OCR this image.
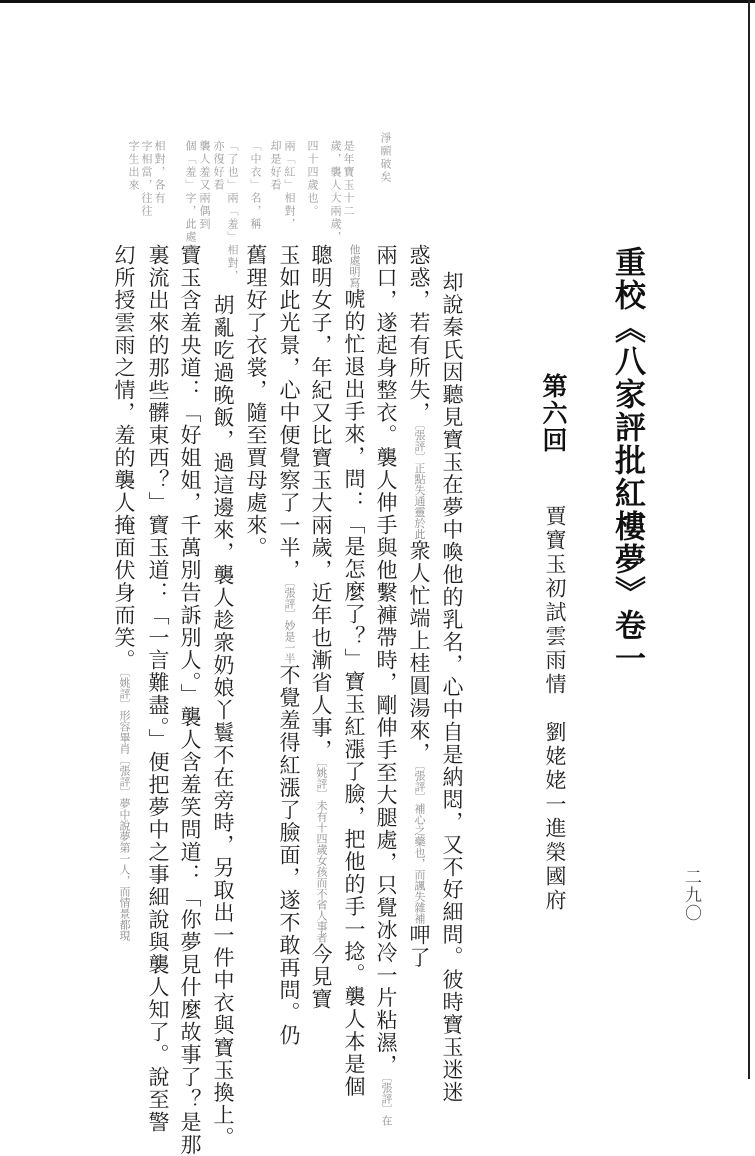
重校《八家評批紅樓夢》卷一
第六回
賈寶玉初試雲雨情　劉姥姥一進榮國府	二九〇
却說秦氏因聽見寶玉在夢中喚他的乳名，心中自是納悶，又不好細問。彼時寶玉迷迷
惑惑，若有所失，〔張評〕正點失通靈於此衆人忙端上桂圓湯來，〔張評〕補心之藥也，而諷失雜補呷了
兩口，遂起身整衣。襲人伸手與他繫褲帶時，剛伸手至大腿處，只覺冰冷一片粘濕，〔張評〕在
他處明寫唬的忙退出手來，問：「是怎麼了？」寶玉紅漲了臉，把他的手一捻。襲人本是個
聰明女子，年紀又比寶玉大兩歲，近年也漸省人事，〔姚評〕未有十四歲女孩而不省人事者今見寶
玉如此光景，心中便覺察了一半，〔張評〕妙是一半不覺羞得紅漲了臉面，遂不敢再問。仍
舊理好了衣裳，隨至賈母處來。
胡亂吃過晚飯，過這邊來，襲人趁衆奶娘丫鬟不在旁時，另取出一件中衣與寶玉換上。
寶玉含羞央道：「好姐姐，千萬別告訴別人。」襲人含羞笑問道：「你夢見什麼故事了？是那
裏流出來的那些髒東西？」寶玉道：「一言難盡。」便把夢中之事細說與襲人知了。說至警
幻所授雲雨之情，羞的襲人掩面伏身而笑。〔姚評〕形容畢肖〔張評〕夢中說夢第一人，而情景都現
淨願破矣
是年寶玉十二
歲，襲人大兩歲，
四十四歲也。
兩「紅」相對，
却是好看
「中衣」名，稱
「了也」兩「羞」相對，
亦復好看
襲人羞又兩偶到
個「羞」字，此處兩
相對，各有
字相當，往往
字生出來
